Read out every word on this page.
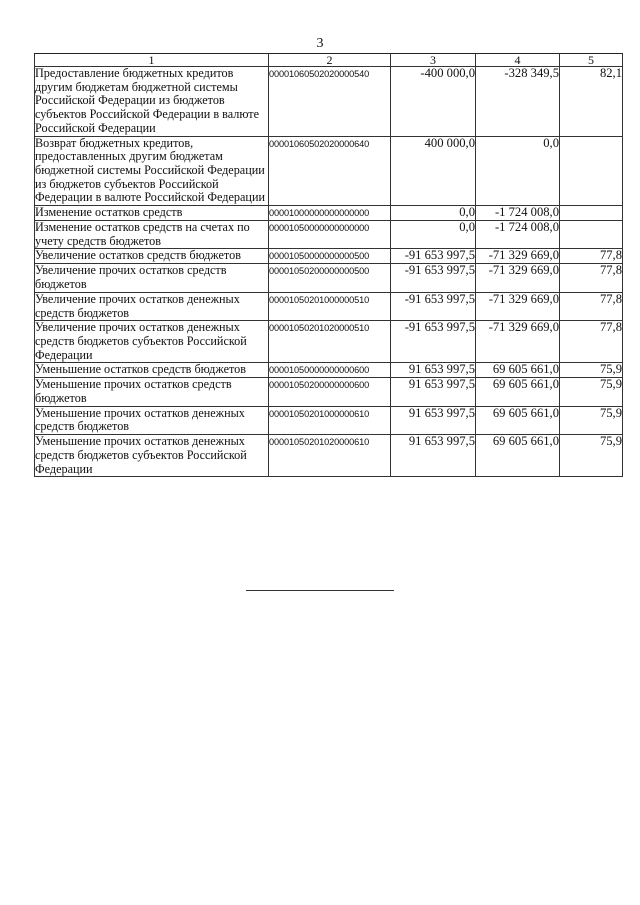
3
1	2	3	4	5
Предоставление бюджетных кредитов другим бюджетам бюджетной системы Российской Федерации из бюджетов субъектов Российской Федерации в валюте Российской Федерации	00001060502020000540	-400 000,0	-328 349,5	82,1
Возврат бюджетных кредитов, предоставленных другим бюджетам бюджетной системы Российской Федерации из бюджетов субъектов Российской Федерации в валюте Российской Федерации	00001060502020000640	400 000,0	0,0	
Изменение остатков средств	00001000000000000000	0,0	-1 724 008,0	
Изменение остатков средств на счетах по учету средств бюджетов	00001050000000000000	0,0	-1 724 008,0	
Увеличение остатков средств бюджетов	00001050000000000500	-91 653 997,5	-71 329 669,0	77,8
Увеличение прочих остатков средств бюджетов	00001050200000000500	-91 653 997,5	-71 329 669,0	77,8
Увеличение прочих остатков денежных средств бюджетов	00001050201000000510	-91 653 997,5	-71 329 669,0	77,8
Увеличение прочих остатков денежных средств бюджетов субъектов Российской Федерации	00001050201020000510	-91 653 997,5	-71 329 669,0	77,8
Уменьшение остатков средств бюджетов	00001050000000000600	91 653 997,5	69 605 661,0	75,9
Уменьшение прочих остатков средств бюджетов	00001050200000000600	91 653 997,5	69 605 661,0	75,9
Уменьшение прочих остатков денежных средств бюджетов	00001050201000000610	91 653 997,5	69 605 661,0	75,9
Уменьшение прочих остатков денежных средств бюджетов субъектов Российской Федерации	00001050201020000610	91 653 997,5	69 605 661,0	75,9
